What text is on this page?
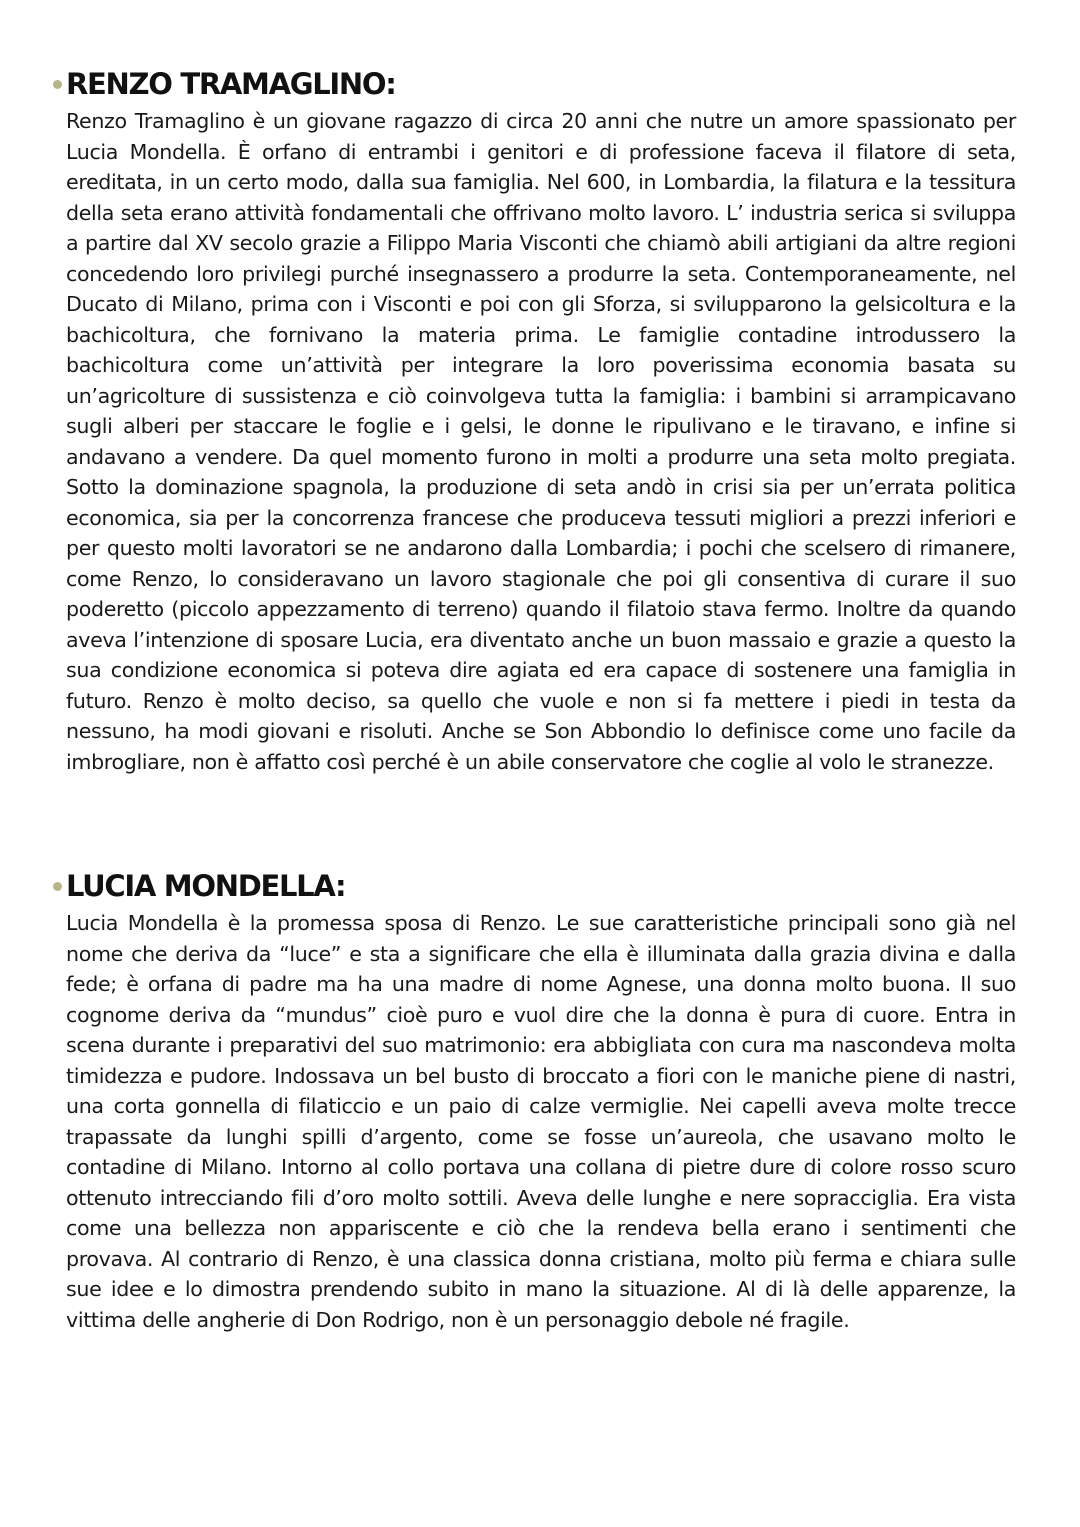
RENZO TRAMAGLINO:

Renzo Tramaglino è un giovane ragazzo di circa 20 anni che nutre un amore spassionato per Lucia Mondella. È orfano di entrambi i genitori e di professione faceva il filatore di seta, ereditata, in un certo modo, dalla sua famiglia. Nel 600, in Lombardia, la filatura e la tessitura della seta erano attività fondamentali che offrivano molto lavoro. L’ industria serica si sviluppa a partire dal XV secolo grazie a Filippo Maria Visconti che chiamò abili artigiani da altre regioni concedendo loro privilegi purché insegnassero a produrre la seta. Contemporaneamente, nel Ducato di Milano, prima con i Visconti e poi con gli Sforza, si svilupparono la gelsicoltura e la bachicoltura, che fornivano la materia prima. Le famiglie contadine introdussero la bachicoltura come un’attività per integrare la loro poverissima economia basata su un’agricolture di sussistenza e ciò coinvolgeva tutta la famiglia: i bambini si arrampicavano sugli alberi per staccare le foglie e i gelsi, le donne le ripulivano e le tiravano, e infine si andavano a vendere. Da quel momento furono in molti a produrre una seta molto pregiata. Sotto la dominazione spagnola, la produzione di seta andò in crisi sia per un’errata politica economica, sia per la concorrenza francese che produceva tessuti migliori a prezzi inferiori e per questo molti lavoratori se ne andarono dalla Lombardia; i pochi che scelsero di rimanere, come Renzo, lo consideravano un lavoro stagionale che poi gli consentiva di curare il suo poderetto (piccolo appezzamento di terreno) quando il filatoio stava fermo. Inoltre da quando aveva l’intenzione di sposare Lucia, era diventato anche un buon massaio e grazie a questo la sua condizione economica si poteva dire agiata ed era capace di sostenere una famiglia in futuro. Renzo è molto deciso, sa quello che vuole e non si fa mettere i piedi in testa da nessuno, ha modi giovani e risoluti. Anche se Son Abbondio lo definisce come uno facile da imbrogliare, non è affatto così perché è un abile conservatore che coglie al volo le stranezze.

LUCIA MONDELLA:

Lucia Mondella è la promessa sposa di Renzo. Le sue caratteristiche principali sono già nel nome che deriva da “luce” e sta a significare che ella è illuminata dalla grazia divina e dalla fede; è orfana di padre ma ha una madre di nome Agnese, una donna molto buona. Il suo cognome deriva da “mundus” cioè puro e vuol dire che la donna è pura di cuore. Entra in scena durante i preparativi del suo matrimonio: era abbigliata con cura ma nascondeva molta timidezza e pudore. Indossava un bel busto di broccato a fiori con le maniche piene di nastri, una corta gonnella di filaticcio e un paio di calze vermiglie. Nei capelli aveva molte trecce trapassate da lunghi spilli d’argento, come se fosse un’aureola, che usavano molto le contadine di Milano. Intorno al collo portava una collana di pietre dure di colore rosso scuro ottenuto intrecciando fili d’oro molto sottili. Aveva delle lunghe e nere sopracciglia. Era vista come una bellezza non appariscente e ciò che la rendeva bella erano i sentimenti che provava. Al contrario di Renzo, è una classica donna cristiana, molto più ferma e chiara sulle sue idee e lo dimostra prendendo subito in mano la situazione. Al di là delle apparenze, la vittima delle angherie di Don Rodrigo, non è un personaggio debole né fragile.
